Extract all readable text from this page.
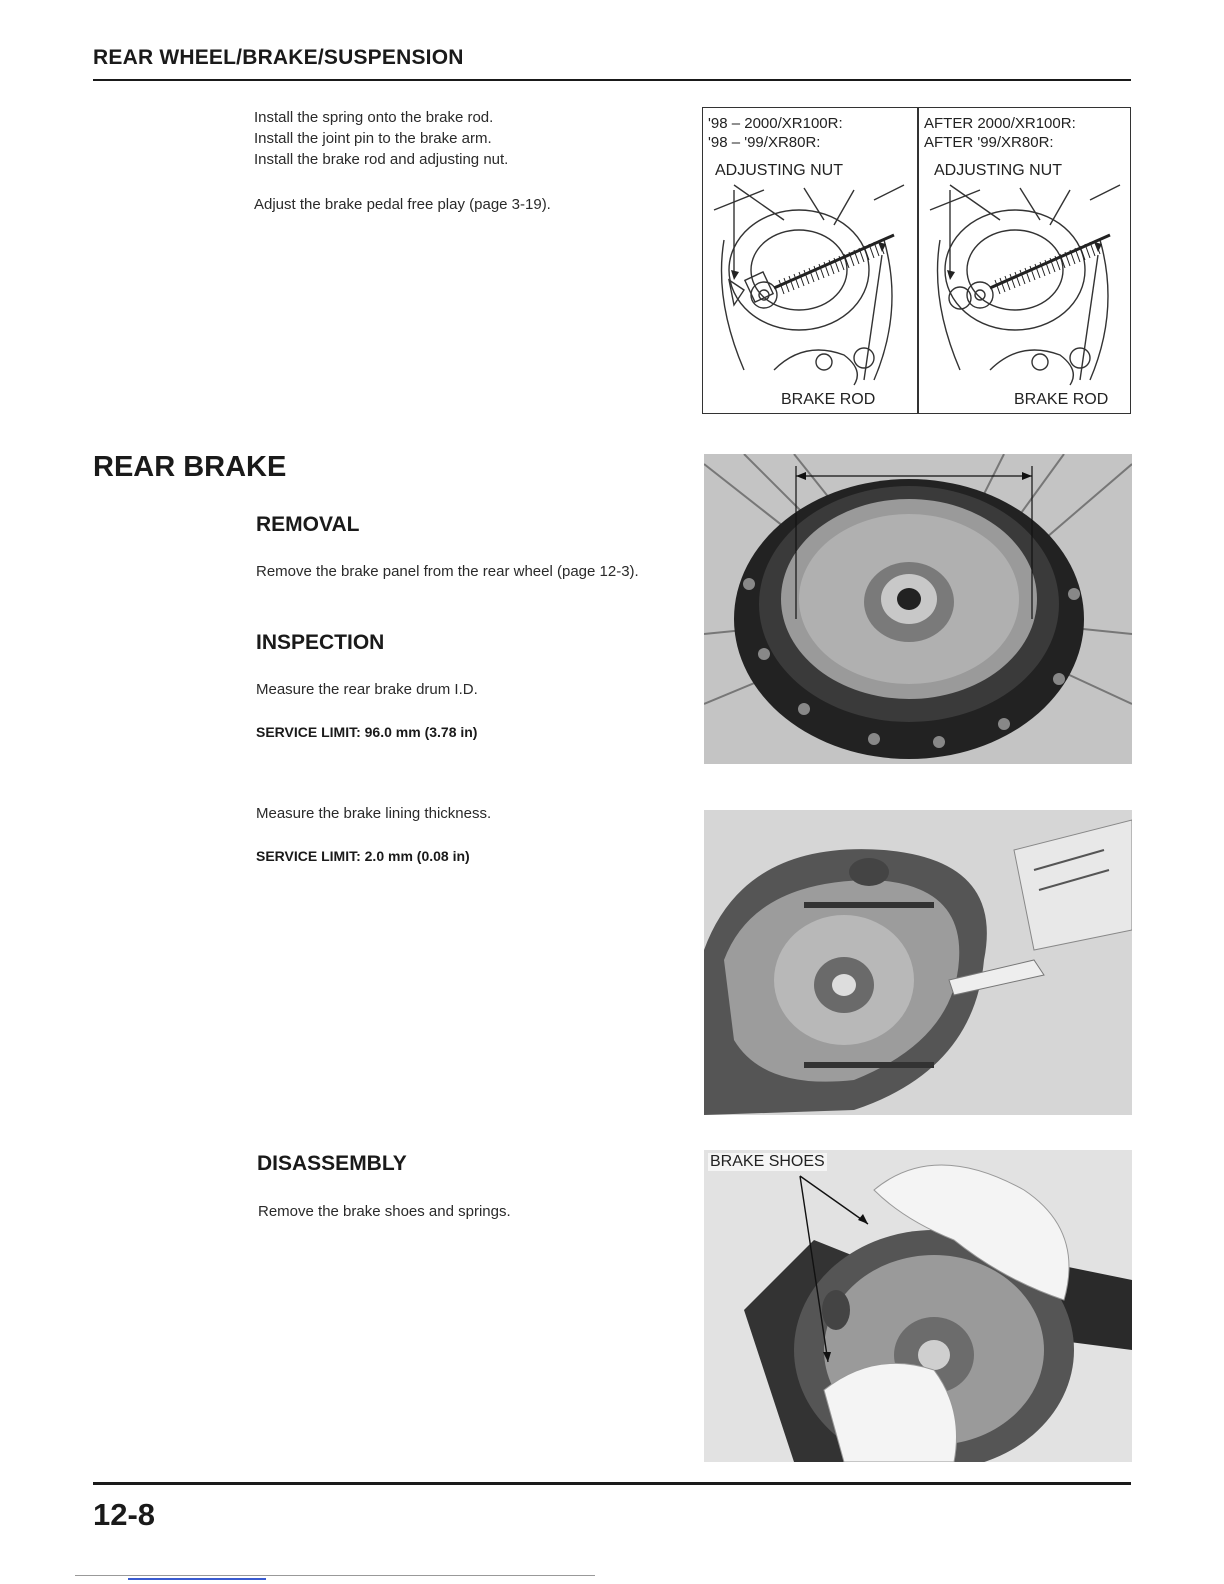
REAR WHEEL/BRAKE/SUSPENSION
Install the spring onto the brake rod.
Install the joint pin to the brake arm.
Install the brake rod and adjusting nut.
Adjust the brake pedal free play (page 3-19).
'98 – 2000/XR100R:
'98 – '99/XR80R:
ADJUSTING NUT
BRAKE ROD
AFTER 2000/XR100R:
AFTER '99/XR80R:
ADJUSTING NUT
BRAKE ROD
REAR BRAKE
REMOVAL
Remove the brake panel from the rear wheel (page 12-3).
INSPECTION
Measure the rear brake drum I.D.
SERVICE LIMIT: 96.0 mm (3.78 in)
Measure the brake lining thickness.
SERVICE LIMIT: 2.0 mm (0.08 in)
DISASSEMBLY
Remove the brake shoes and springs.
BRAKE SHOES
12-8
